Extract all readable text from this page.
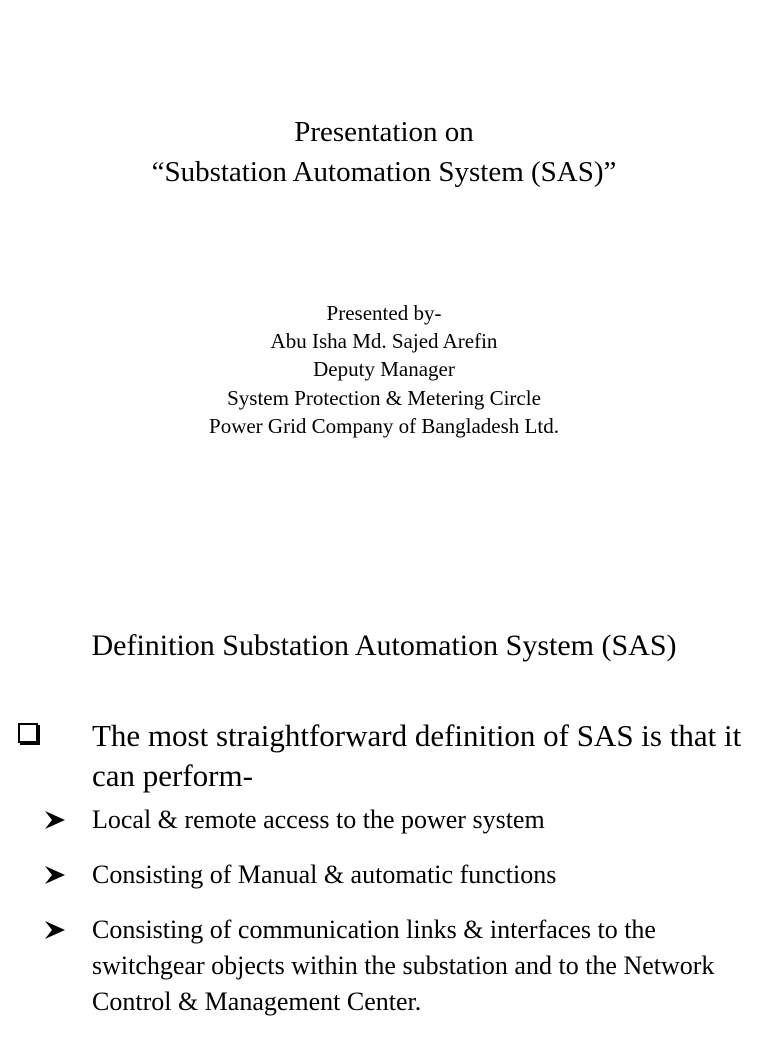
Presentation on
“Substation Automation System (SAS)”
Presented by-
Abu Isha Md. Sajed Arefin
Deputy Manager
System Protection & Metering Circle
Power Grid Company of Bangladesh Ltd.
Definition Substation Automation System (SAS)
The most straightforward definition of SAS is that it can perform-
Local & remote access to the power system
Consisting of Manual & automatic functions
Consisting of communication links & interfaces to the switchgear objects within the substation and to the Network Control & Management Center.
